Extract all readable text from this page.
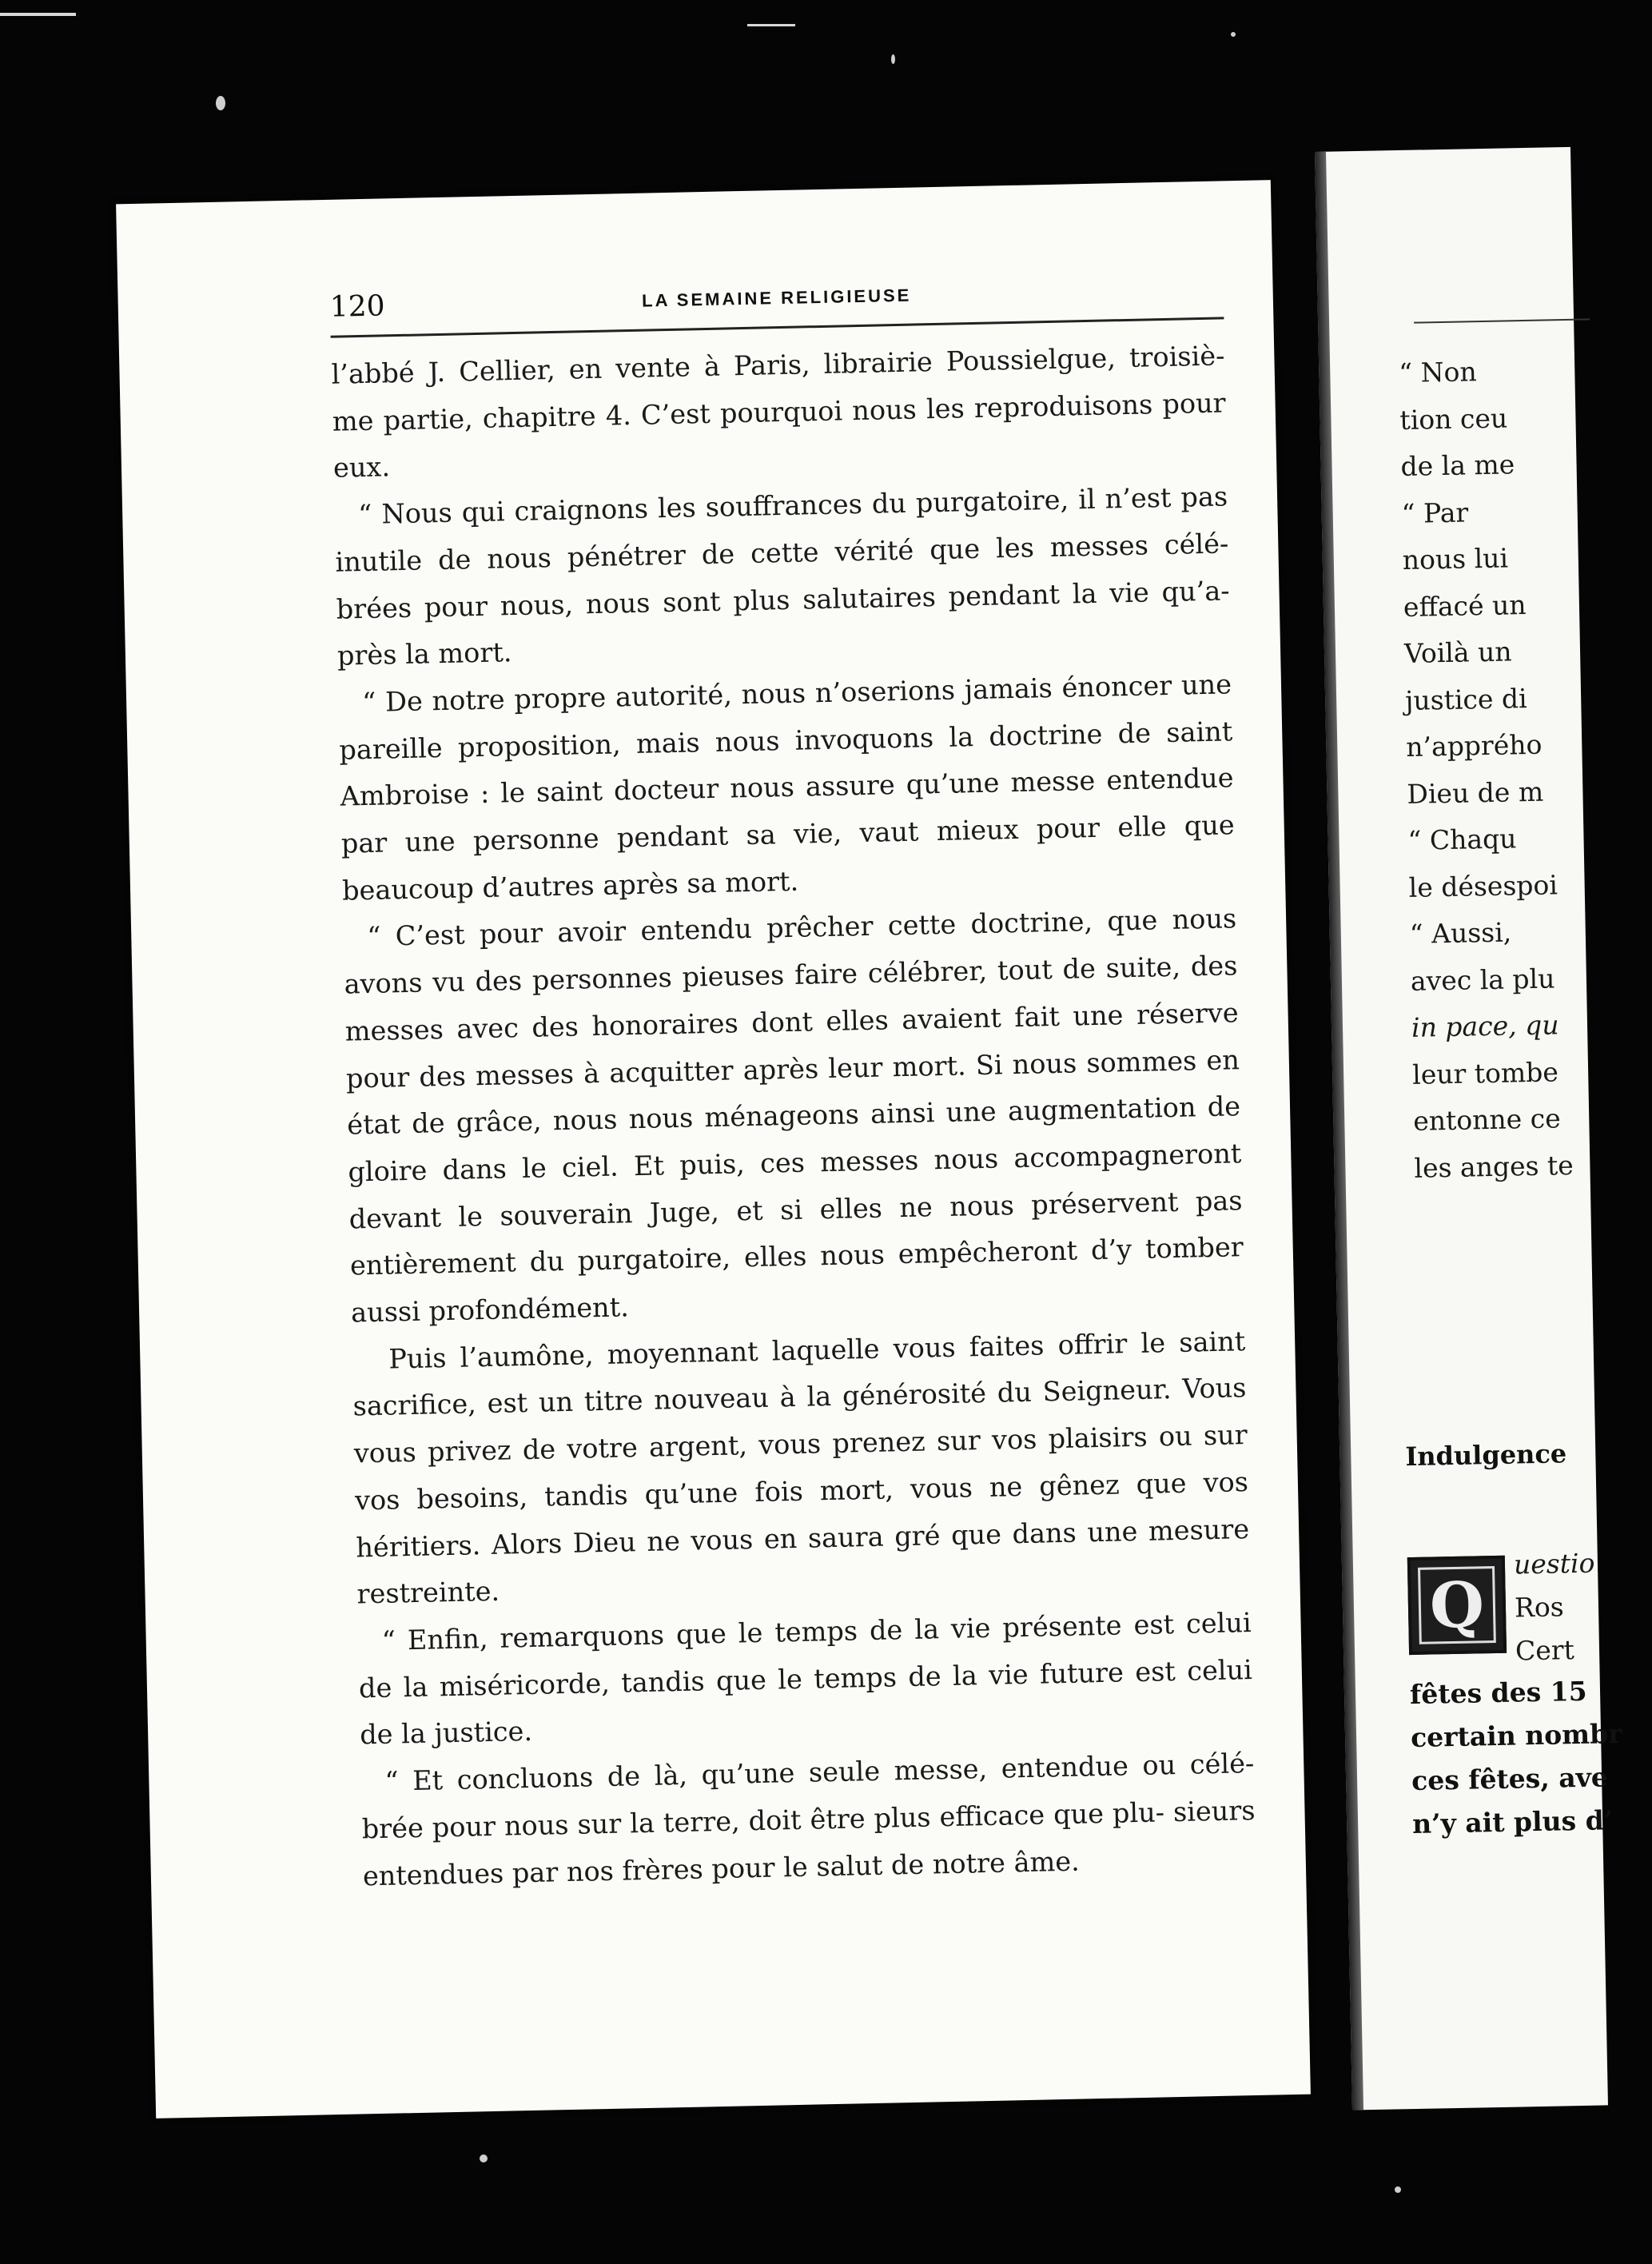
120	LA SEMAINE RELIGIEUSE

l’abbé J. Cellier, en vente à Paris, librairie Poussielgue, troisiè- me partie, chapitre 4. C’est pourquoi nous les reproduisons pour eux.

“ Nous qui craignons les souffrances du purgatoire, il n’est pas inutile de nous pénétrer de cette vérité que les messes célé- brées pour nous, nous sont plus salutaires pendant la vie qu’a- près la mort.

“ De notre propre autorité, nous n’oserions jamais énoncer une pareille proposition, mais nous invoquons la doctrine de saint Ambroise : le saint docteur nous assure qu’une messe entendue par une personne pendant sa vie, vaut mieux pour elle que beaucoup d’autres après sa mort.

“ C’est pour avoir entendu prêcher cette doctrine, que nous avons vu des personnes pieuses faire célébrer, tout de suite, des messes avec des honoraires dont elles avaient fait une réserve pour des messes à acquitter après leur mort. Si nous sommes en état de grâce, nous nous ménageons ainsi une augmentation de gloire dans le ciel. Et puis, ces messes nous accompagneront devant le souverain Juge, et si elles ne nous préservent pas entièrement du purgatoire, elles nous empêcheront d’y tomber aussi profondément.

Puis l’aumône, moyennant laquelle vous faites offrir le saint sacrifice, est un titre nouveau à la générosité du Seigneur. Vous vous privez de votre argent, vous prenez sur vos plaisirs ou sur vos besoins, tandis qu’une fois mort, vous ne gênez que vos héritiers. Alors Dieu ne vous en saura gré que dans une mesure restreinte.

“ Enfin, remarquons que le temps de la vie présente est celui de la miséricorde, tandis que le temps de la vie future est celui de la justice.

“ Et concluons de là, qu’une seule messe, entendue ou célé- brée pour nous sur la terre, doit être plus efficace que plu- sieurs entendues par nos frères pour le salut de notre âme.

“ Non
tion ceu
de la me
“ Par
nous lui
effacé un
Voilà un
justice di
n’apprého
Dieu de m
“ Chaqu
le désespoi
“ Aussi,
avec la plu
in pace, qu
leur tombe
entonne ce
les anges te
Indulgence
Q
uestio
Ros
Cert
fêtes des 15
certain nombr
ces fêtes, ave
n’y ait plus d’
